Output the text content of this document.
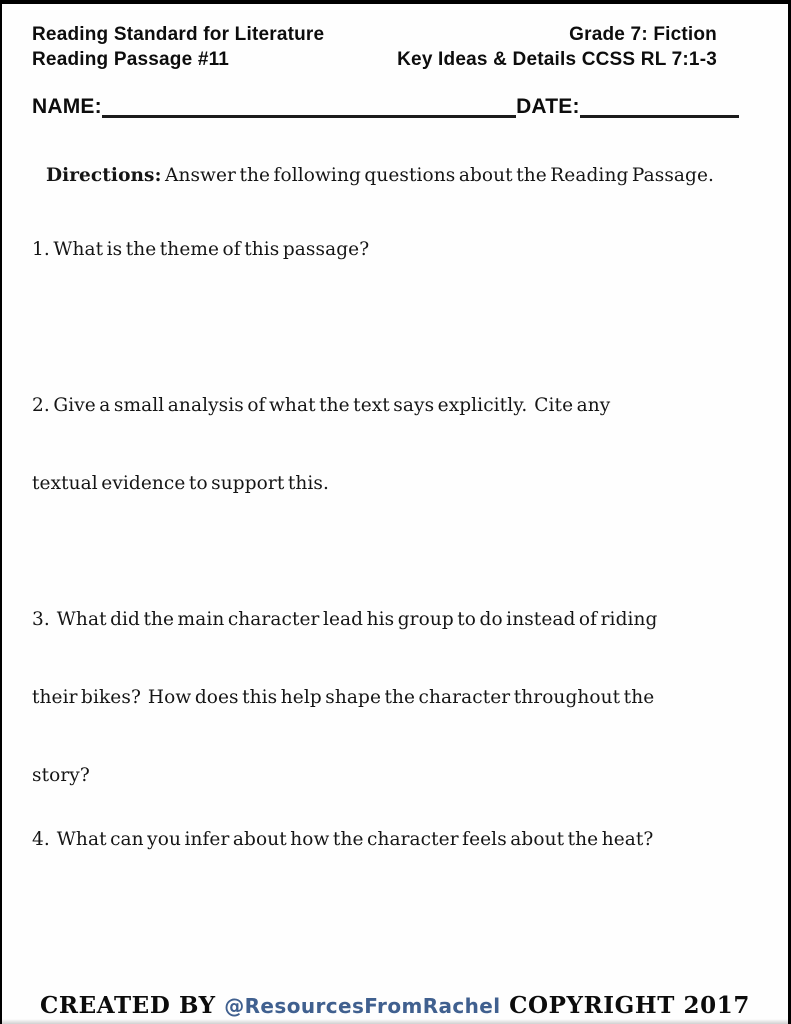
Reading Standard for Literature
Reading Passage #11
Grade 7: Fiction
Key Ideas & Details CCSS RL 7:1-3
NAME:	DATE:

Directions: Answer the following questions about the Reading Passage.

1. What is the theme of this passage?

2. Give a small analysis of what the text says explicitly.  Cite any

textual evidence to support this.

3.  What did the main character lead his group to do instead of riding

their bikes?  How does this help shape the character throughout the

story?

4.  What can you infer about how the character feels about the heat?

CREATED BY @ResourcesFromRachel COPYRIGHT 2017
